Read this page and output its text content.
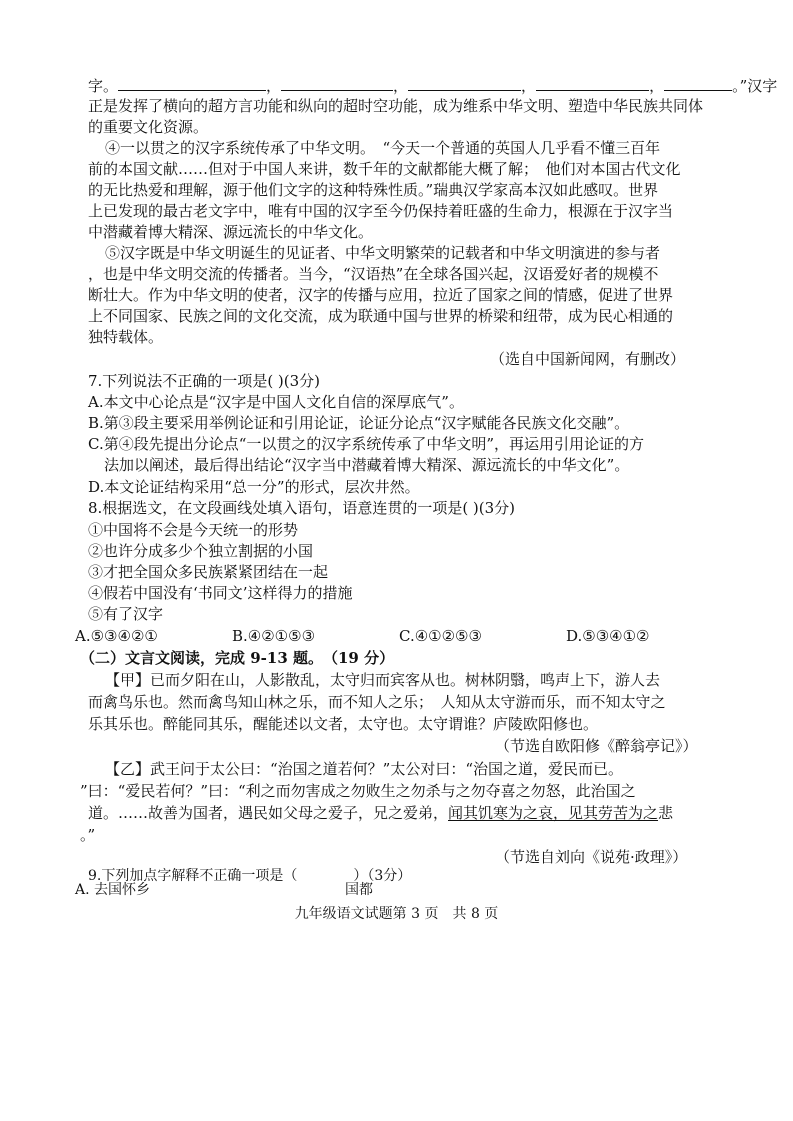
字。	，	，	，	，	。”汉字
正是发挥了横向的超方言功能和纵向的超时空功能，成为维系中华文明、塑造中华民族共同体
的重要文化资源。
④一以贯之的汉字系统传承了中华文明。　“今天一个普通的英国人几乎看不懂三百年
前的本国文献……但对于中国人来讲，数千年的文献都能大概了解；　他们对本国古代文化
的无比热爱和理解，源于他们文字的这种特殊性质。”瑞典汉学家高本汉如此感叹。世界
上已发现的最古老文字中，唯有中国的汉字至今仍保持着旺盛的生命力，根源在于汉字当
中潜藏着博大精深、源远流长的中华文化。
⑤汉字既是中华文明诞生的见证者、中华文明繁荣的记载者和中华文明演进的参与者
，也是中华文明交流的传播者。当今，“汉语热”在全球各国兴起，汉语爱好者的规模不
断壮大。作为中华文明的使者，汉字的传播与应用，拉近了国家之间的情感，促进了世界
上不同国家、民族之间的文化交流，成为联通中国与世界的桥梁和纽带，成为民心相通的
独特载体。
（选自中国新闻网，有删改）
7.下列说法不正确的一项是( )(3分)
A.本文中心论点是“汉字是中国人文化自信的深厚底气”。
B.第③段主要采用举例论证和引用论证，论证分论点“汉字赋能各民族文化交融”。
C.第④段先提出分论点“一以贯之的汉字系统传承了中华文明”，再运用引用论证的方
法加以阐述，最后得出结论“汉字当中潜藏着博大精深、源远流长的中华文化”。
D.本文论证结构采用“总一分”的形式，层次井然。
8.根据选文，在文段画线处填入语句，语意连贯的一项是( )(3分)
①中国将不会是今天统一的形势
②也许分成多少个独立割据的小国
③才把全国众多民族紧紧团结在一起
④假若中国没有‘书同文’这样得力的措施
⑤有了汉字
A.⑤③④②①	B.④②①⑤③	C.④①②⑤③	D.⑤③④①②
（二）文言文阅读，完成 9-13 题。　 （19 分）
【甲】已而夕阳在山，人影散乱，太守归而宾客从也。树林阴翳，鸣声上下，游人去
而禽鸟乐也。然而禽鸟知山林之乐，而不知人之乐；　人知从太守游而乐，而不知太守之
乐其乐也。醉能同其乐，醒能述以文者，太守也。太守谓谁？庐陵欧阳修也。
（节选自欧阳修《醉翁亭记》）
【乙】武王问于太公曰：“治国之道若何？”太公对曰：“治国之道，爱民而已。
”曰：“爱民若何？”曰：“利之而勿害成之勿败生之勿杀与之勿夺喜之勿怒，此治国之
道。……故善为国者，遇民如父母之爱子，兄之爱弟，闻其饥寒为之哀，见其劳苦为之悲
。”
（节选自刘向《说苑·政理》）
9.下列加点字解释不正确一项是（　　　　）（3分）
A. 去国怀乡	国都
九年级语文试题第 3 页　共 8 页
